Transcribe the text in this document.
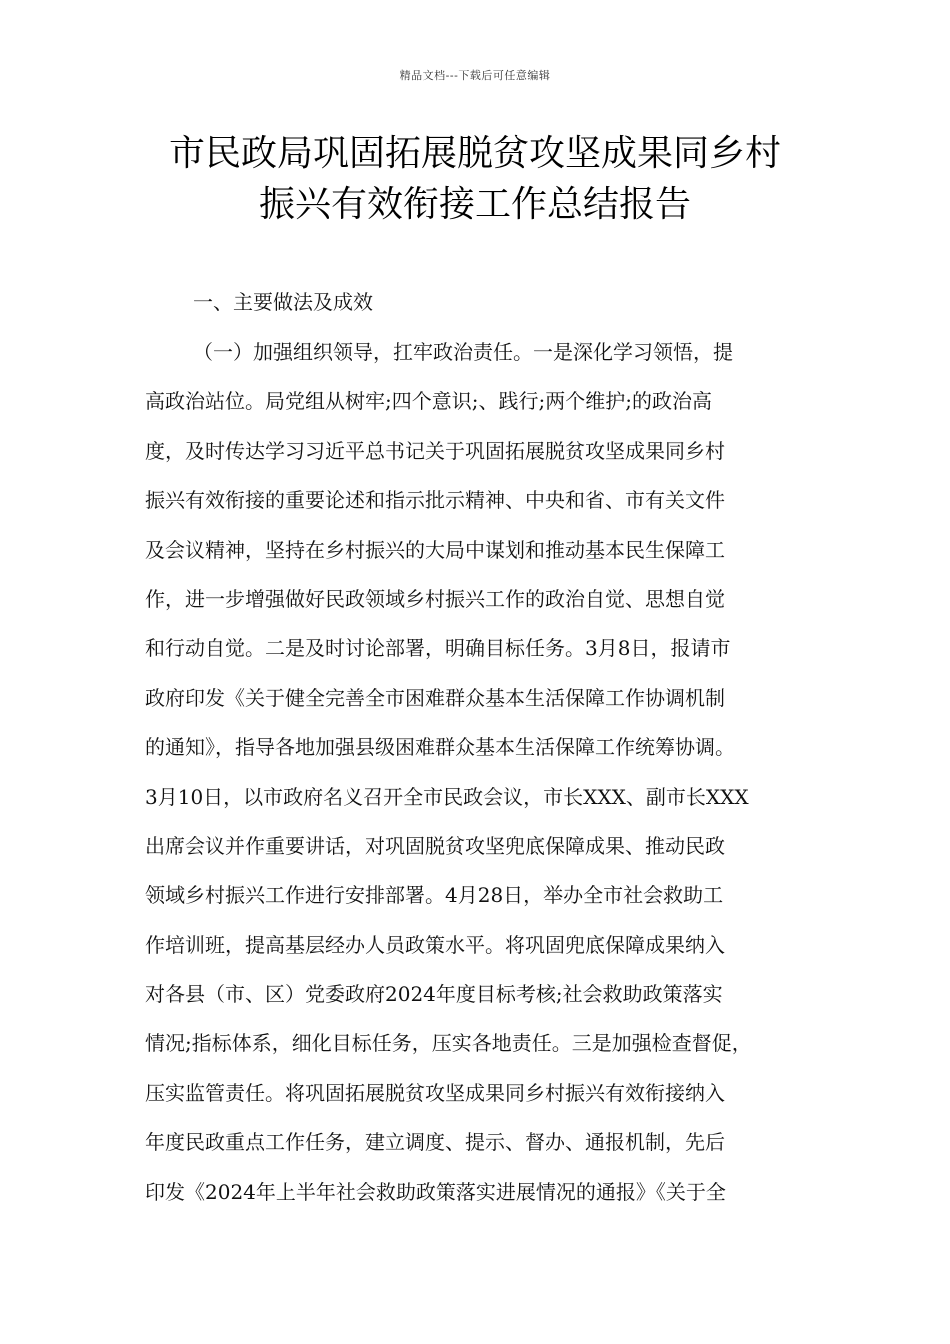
精品文档---下载后可任意编辑
市民政局巩固拓展脱贫攻坚成果同乡村
振兴有效衔接工作总结报告
一、主要做法及成效
（一）加强组织领导，扛牢政治责任。一是深化学习领悟，提
高政治站位。局党组从树牢;四个意识;、践行;两个维护;的政治高
度，及时传达学习习近平总书记关于巩固拓展脱贫攻坚成果同乡村
振兴有效衔接的重要论述和指示批示精神、中央和省、市有关文件
及会议精神，坚持在乡村振兴的大局中谋划和推动基本民生保障工
作，进一步增强做好民政领域乡村振兴工作的政治自觉、思想自觉
和行动自觉。二是及时讨论部署，明确目标任务。3月8日，报请市
政府印发《关于健全完善全市困难群众基本生活保障工作协调机制
的通知》，指导各地加强县级困难群众基本生活保障工作统筹协调。
3月10日，以市政府名义召开全市民政会议，市长XXX、副市长XXX
出席会议并作重要讲话，对巩固脱贫攻坚兜底保障成果、推动民政
领域乡村振兴工作进行安排部署。4月28日，举办全市社会救助工
作培训班，提高基层经办人员政策水平。将巩固兜底保障成果纳入
对各县（市、区）党委政府2024年度目标考核;社会救助政策落实
情况;指标体系，细化目标任务，压实各地责任。三是加强检查督促，
压实监管责任。将巩固拓展脱贫攻坚成果同乡村振兴有效衔接纳入
年度民政重点工作任务，建立调度、提示、督办、通报机制，先后
印发《2024年上半年社会救助政策落实进展情况的通报》《关于全
